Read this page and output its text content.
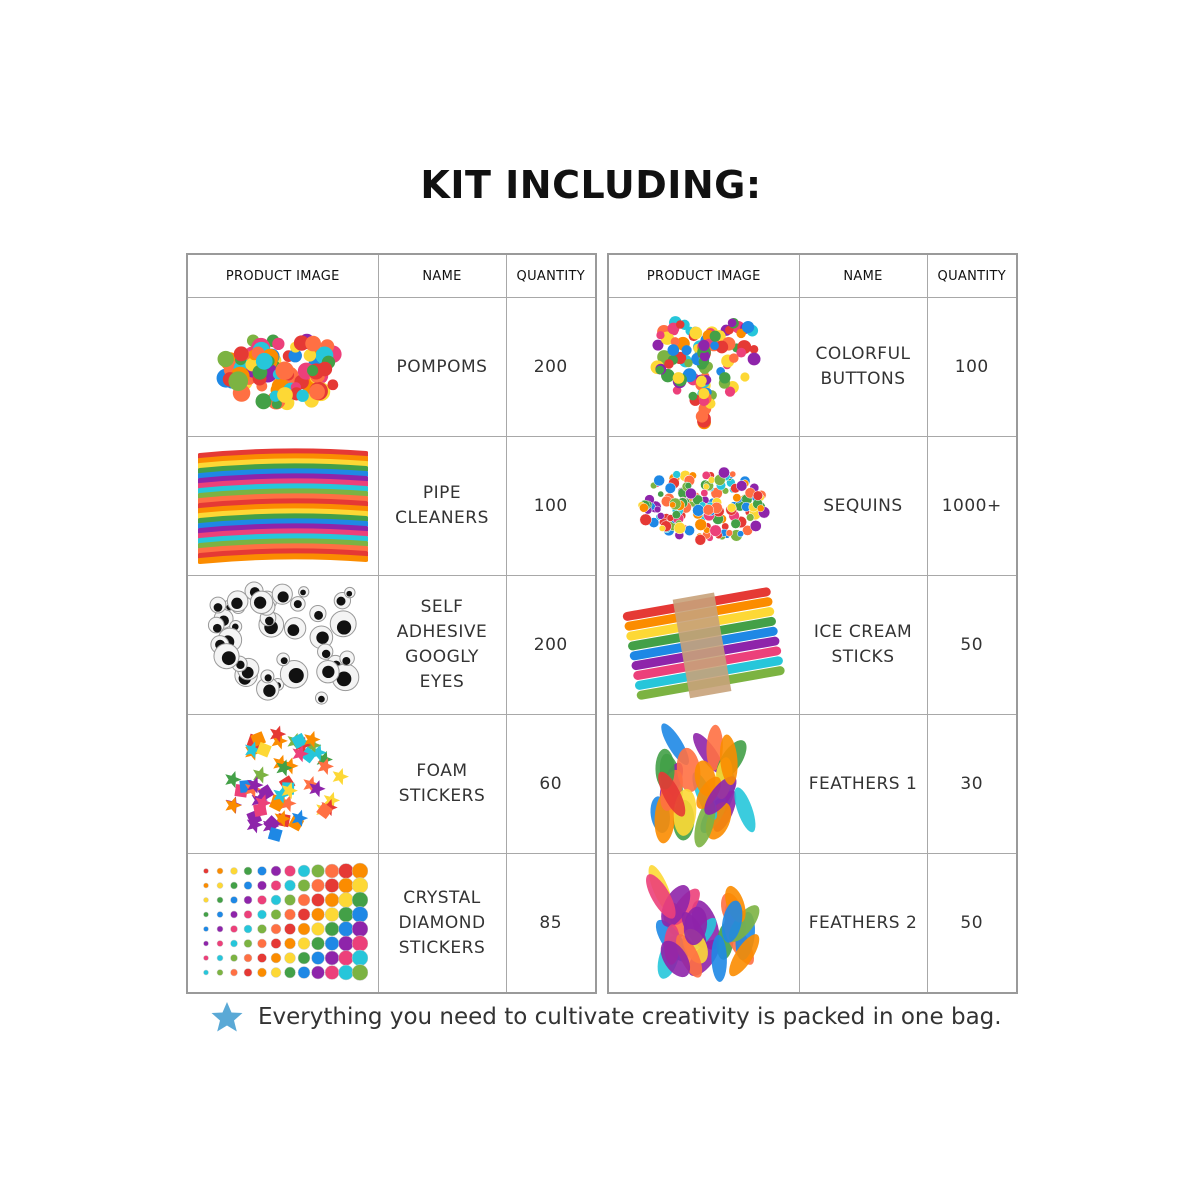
KIT INCLUDING:
PRODUCT IMAGE	NAME	QUANTITY

POMPOMS	200

PIPE
CLEANERS	100

SELF
ADHESIVE
GOOGLY
EYES	200

FOAM
STICKERS	60

CRYSTAL
DIAMOND
STICKERS	85
PRODUCT IMAGE	NAME	QUANTITY

COLORFUL
BUTTONS	100

SEQUINS	1000+

ICE CREAM
STICKS	50

FEATHERS 1	30

FEATHERS 2	50
Everything you need to cultivate creativity is packed in one bag.
